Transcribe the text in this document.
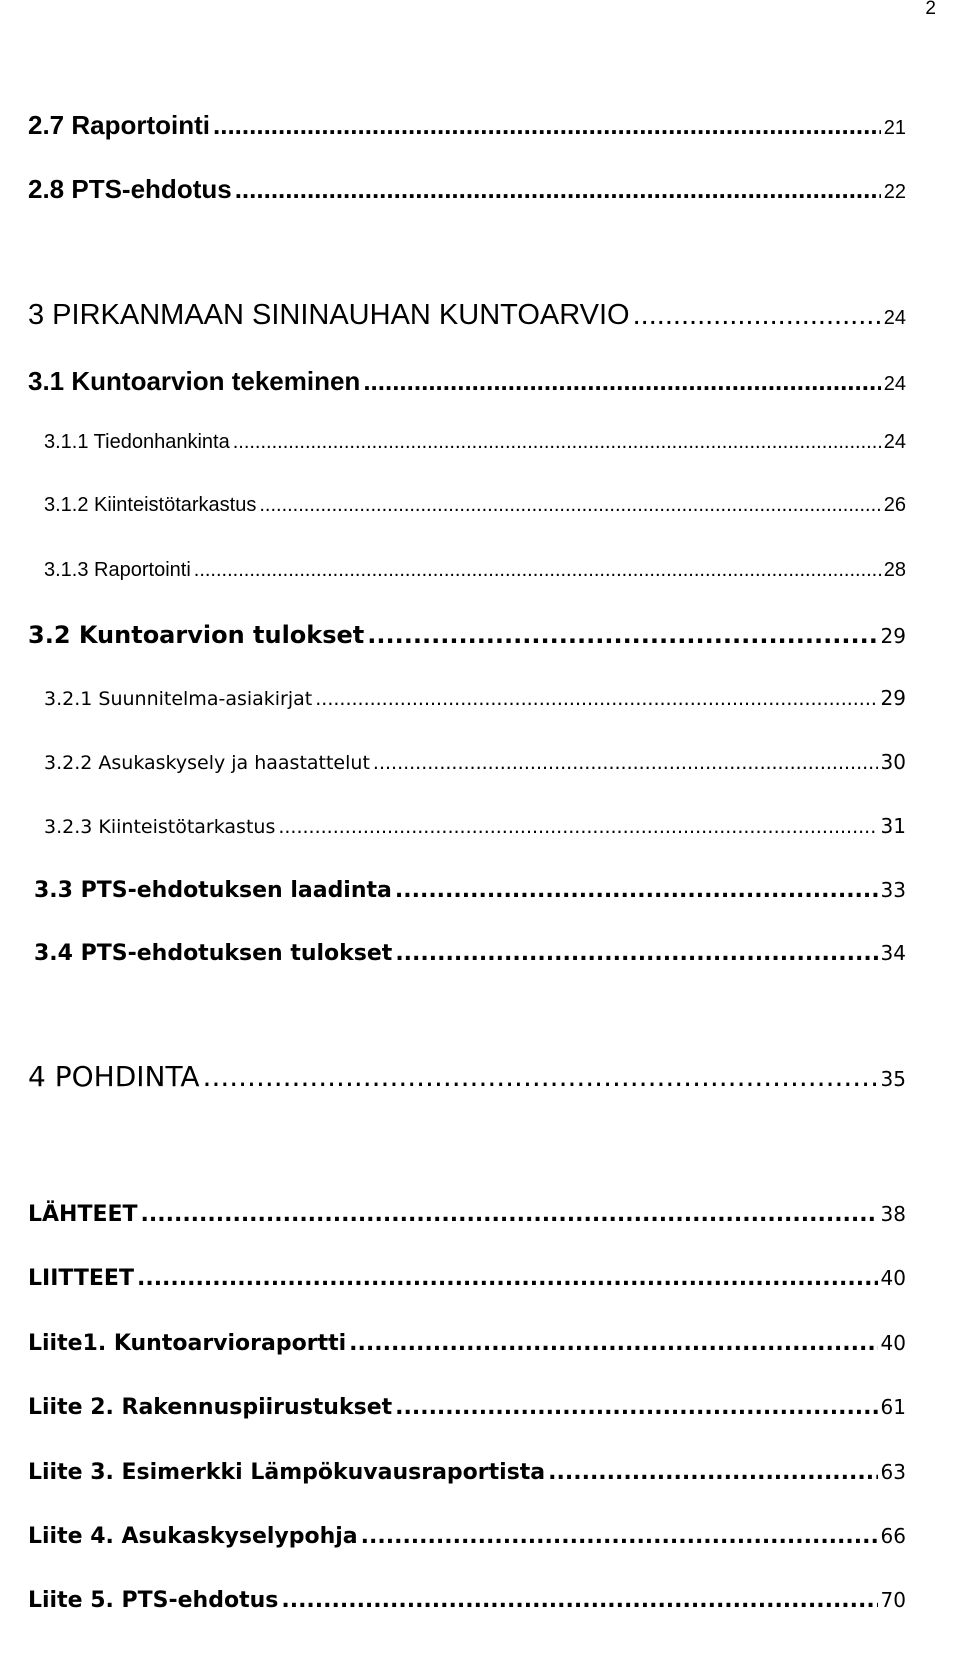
2
2.7 Raportointi .....	21
2.8 PTS-ehdotus .....	22
3 PIRKANMAAN SININAUHAN KUNTOARVIO .....	24
3.1 Kuntoarvion tekeminen .....	24
3.1.1 Tiedonhankinta .....	24
3.1.2 Kiinteistötarkastus .....	26
3.1.3 Raportointi .....	28
3.2 Kuntoarvion tulokset .....	29
3.2.1 Suunnitelma-asiakirjat .....	29
3.2.2 Asukaskysely ja haastattelut .....	30
3.2.3 Kiinteistötarkastus .....	31
3.3 PTS-ehdotuksen laadinta .....	33
3.4 PTS-ehdotuksen tulokset .....	34
4 POHDINTA .....	35
LÄHTEET .....	38
LIITTEET .....	40
Liite1. Kuntoarvioraportti .....	40
Liite 2. Rakennuspiirustukset .....	61
Liite 3. Esimerkki Lämpökuvausraportista .....	63
Liite 4. Asukaskyselypohja .....	66
Liite 5. PTS-ehdotus .....	70
